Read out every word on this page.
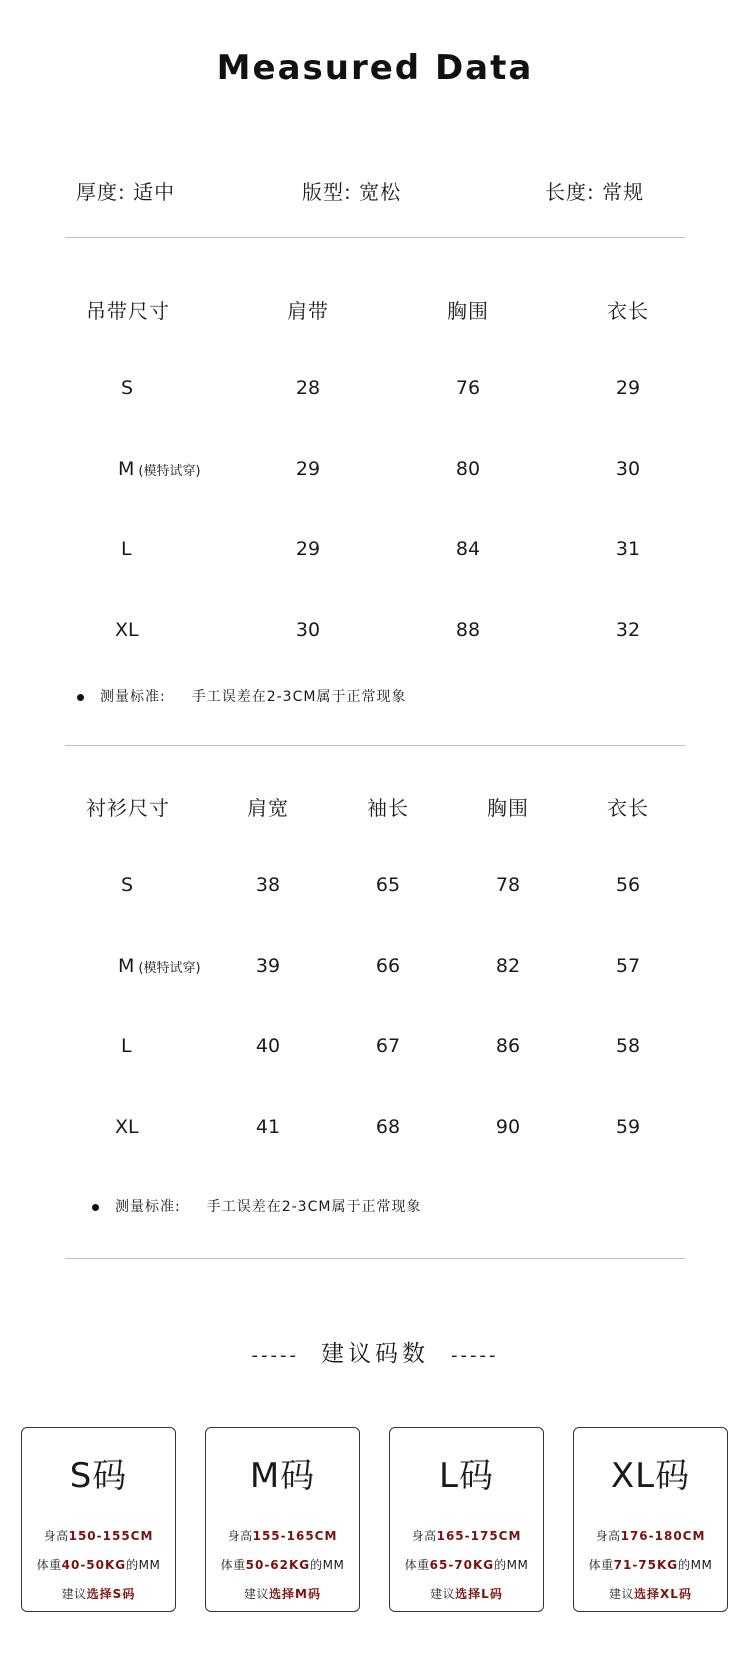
Measured Data
厚度: 适中	版型: 宽松	长度: 常规
吊带尺寸	肩带	胸围	衣长
S	28	76	29
M (模特试穿)	29	80	30
L	29	84	31
XL	30	88	32
测量标准: 手工误差在2-3CM属于正常现象
衬衫尺寸	肩宽	袖长	胸围	衣长
S	38	65	78	56
M (模特试穿)	39	66	82	57
L	40	67	86	58
XL	41	68	90	59
测量标准: 手工误差在2-3CM属于正常现象
----- 建议码数 -----
S码
身高150-155CM
体重40-50KG的MM
建议选择S码
M码
身高155-165CM
体重50-62KG的MM
建议选择M码
L码
身高165-175CM
体重65-70KG的MM
建议选择L码
XL码
身高176-180CM
体重71-75KG的MM
建议选择XL码
